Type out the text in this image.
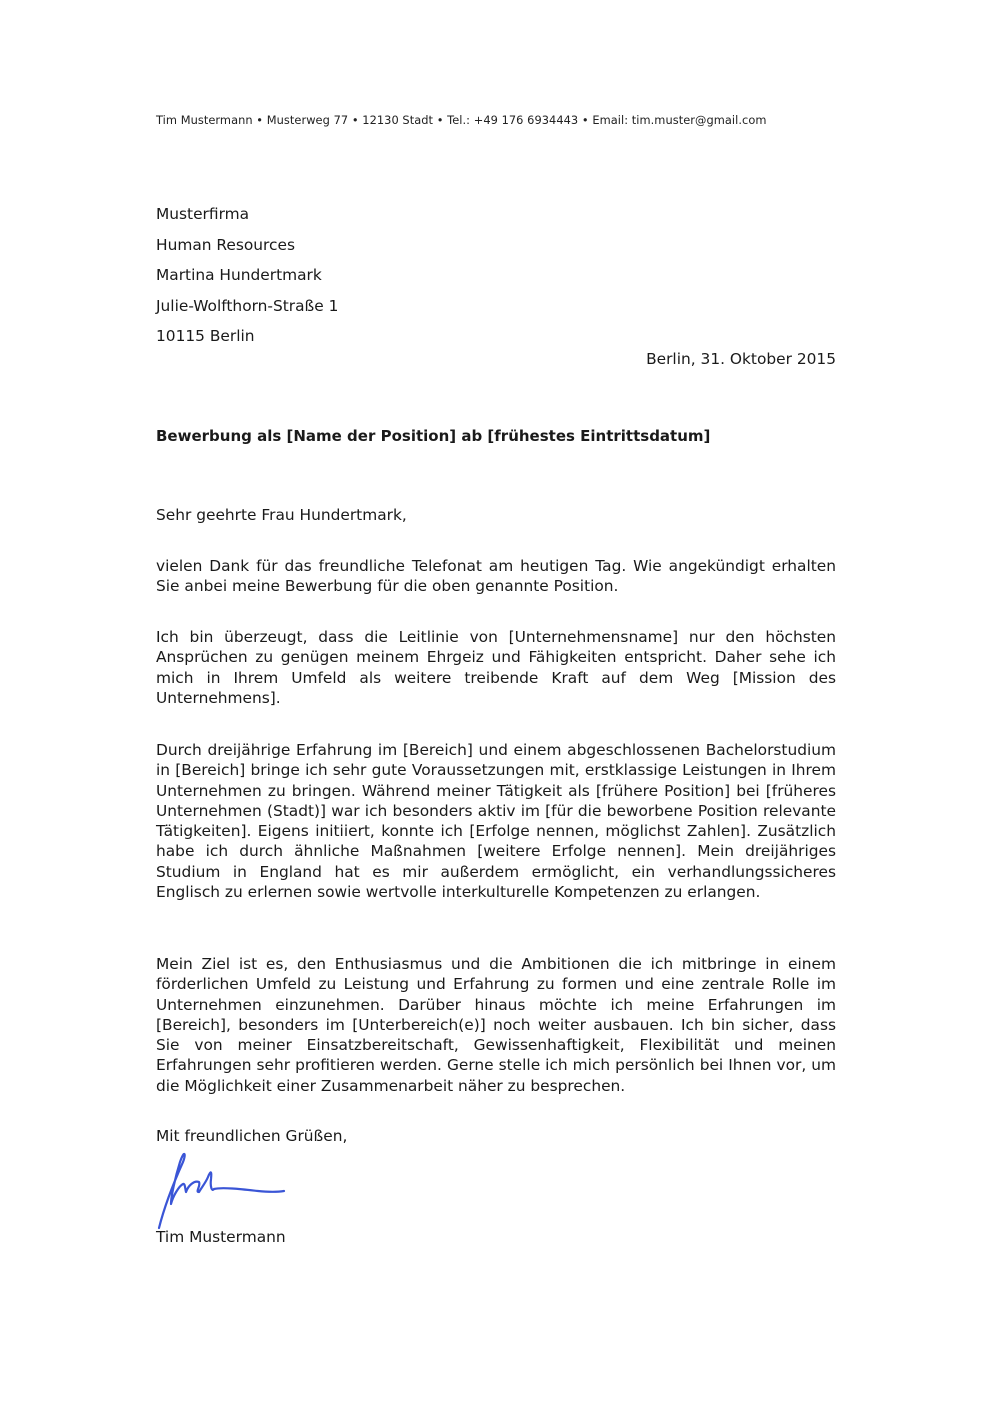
Tim Mustermann • Musterweg 77 • 12130 Stadt • Tel.: +49 176 6934443 • Email: tim.muster@gmail.com
Musterfirma
Human Resources
Martina Hundertmark
Julie-Wolfthorn-Straße 1
10115 Berlin
Berlin, 31. Oktober 2015
Bewerbung als [Name der Position] ab [frühestes Eintrittsdatum]
Sehr geehrte Frau Hundertmark,

vielen Dank für das freundliche Telefonat am heutigen Tag. Wie angekündigt erhalten Sie anbei meine Bewerbung für die oben genannte Position.

Ich bin überzeugt, dass die Leitlinie von [Unternehmensname] nur den höchsten Ansprüchen zu genügen meinem Ehrgeiz und Fähigkeiten entspricht. Daher sehe ich mich in Ihrem Umfeld als weitere treibende Kraft auf dem Weg [Mission des Unternehmens].

Durch dreijährige Erfahrung im [Bereich] und einem abgeschlossenen Bachelorstudium in [Bereich] bringe ich sehr gute Voraussetzungen mit, erstklassige Leistungen in Ihrem Unternehmen zu bringen. Während meiner Tätigkeit als [frühere Position] bei [früheres Unternehmen (Stadt)] war ich besonders aktiv im [für die beworbene Position relevante Tätigkeiten]. Eigens initiiert, konnte ich [Erfolge nennen, möglichst Zahlen]. Zusätzlich habe ich durch ähnliche Maßnahmen [weitere Erfolge nennen]. Mein dreijähriges Studium in England hat es mir außerdem ermöglicht, ein verhandlungssicheres Englisch zu erlernen sowie wertvolle interkulturelle Kompetenzen zu erlangen.

Mein Ziel ist es, den Enthusiasmus und die Ambitionen die ich mitbringe in einem förderlichen Umfeld zu Leistung und Erfahrung zu formen und eine zentrale Rolle im Unternehmen einzunehmen. Darüber hinaus möchte ich meine Erfahrungen im [Bereich], besonders im [Unterbereich(e)] noch weiter ausbauen. Ich bin sicher, dass Sie von meiner Einsatzbereitschaft, Gewissenhaftigkeit, Flexibilität und meinen Erfahrungen sehr profitieren werden. Gerne stelle ich mich persönlich bei Ihnen vor, um die Möglichkeit einer Zusammenarbeit näher zu besprechen.

Mit freundlichen Grüßen,
Tim Mustermann
